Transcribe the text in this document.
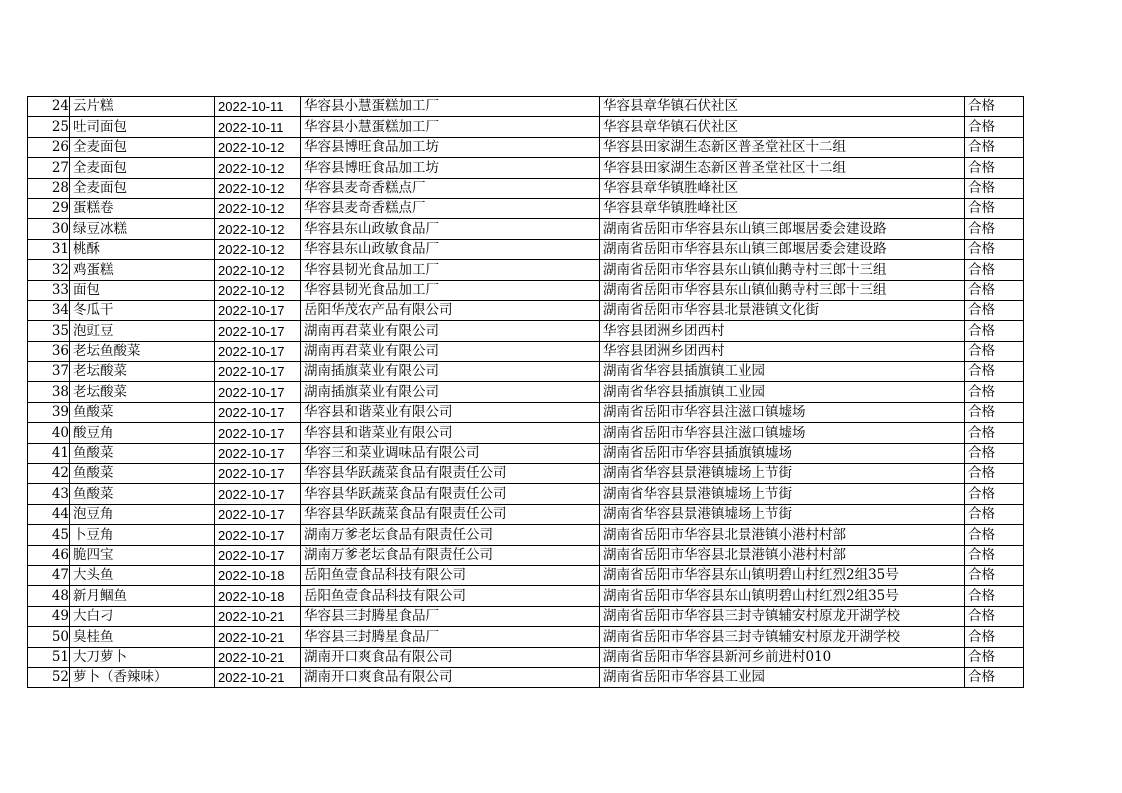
24	云片糕	2022-10-11	华容县小慧蛋糕加工厂	华容县章华镇石伏社区	合格
25	吐司面包	2022-10-11	华容县小慧蛋糕加工厂	华容县章华镇石伏社区	合格
26	全麦面包	2022-10-12	华容县博旺食品加工坊	华容县田家湖生态新区普圣堂社区十二组	合格
27	全麦面包	2022-10-12	华容县博旺食品加工坊	华容县田家湖生态新区普圣堂社区十二组	合格
28	全麦面包	2022-10-12	华容县麦奇香糕点厂	华容县章华镇胜峰社区	合格
29	蛋糕卷	2022-10-12	华容县麦奇香糕点厂	华容县章华镇胜峰社区	合格
30	绿豆冰糕	2022-10-12	华容县东山政敏食品厂	湖南省岳阳市华容县东山镇三郎堰居委会建设路	合格
31	桃酥	2022-10-12	华容县东山政敏食品厂	湖南省岳阳市华容县东山镇三郎堰居委会建设路	合格
32	鸡蛋糕	2022-10-12	华容县韧光食品加工厂	湖南省岳阳市华容县东山镇仙鹅寺村三郎十三组	合格
33	面包	2022-10-12	华容县韧光食品加工厂	湖南省岳阳市华容县东山镇仙鹅寺村三郎十三组	合格
34	冬瓜干	2022-10-17	岳阳华茂农产品有限公司	湖南省岳阳市华容县北景港镇文化街	合格
35	泡豇豆	2022-10-17	湖南再君菜业有限公司	华容县团洲乡团西村	合格
36	老坛鱼酸菜	2022-10-17	湖南再君菜业有限公司	华容县团洲乡团西村	合格
37	老坛酸菜	2022-10-17	湖南插旗菜业有限公司	湖南省华容县插旗镇工业园	合格
38	老坛酸菜	2022-10-17	湖南插旗菜业有限公司	湖南省华容县插旗镇工业园	合格
39	鱼酸菜	2022-10-17	华容县和谐菜业有限公司	湖南省岳阳市华容县注滋口镇墟场	合格
40	酸豆角	2022-10-17	华容县和谐菜业有限公司	湖南省岳阳市华容县注滋口镇墟场	合格
41	鱼酸菜	2022-10-17	华容三和菜业调味品有限公司	湖南省岳阳市华容县插旗镇墟场	合格
42	鱼酸菜	2022-10-17	华容县华跃蔬菜食品有限责任公司	湖南省华容县景港镇墟场上节街	合格
43	鱼酸菜	2022-10-17	华容县华跃蔬菜食品有限责任公司	湖南省华容县景港镇墟场上节街	合格
44	泡豆角	2022-10-17	华容县华跃蔬菜食品有限责任公司	湖南省华容县景港镇墟场上节街	合格
45	卜豆角	2022-10-17	湖南万爹老坛食品有限责任公司	湖南省岳阳市华容县北景港镇小港村村部	合格
46	脆四宝	2022-10-17	湖南万爹老坛食品有限责任公司	湖南省岳阳市华容县北景港镇小港村村部	合格
47	大头鱼	2022-10-18	岳阳鱼壹食品科技有限公司	湖南省岳阳市华容县东山镇明碧山村红烈2组35号	合格
48	新月鲴鱼	2022-10-18	岳阳鱼壹食品科技有限公司	湖南省岳阳市华容县东山镇明碧山村红烈2组35号	合格
49	大白刁	2022-10-21	华容县三封腾星食品厂	湖南省岳阳市华容县三封寺镇辅安村原龙开湖学校	合格
50	臭桂鱼	2022-10-21	华容县三封腾星食品厂	湖南省岳阳市华容县三封寺镇辅安村原龙开湖学校	合格
51	大刀萝卜	2022-10-21	湖南开口爽食品有限公司	湖南省岳阳市华容县新河乡前进村010	合格
52	萝卜（香辣味）	2022-10-21	湖南开口爽食品有限公司	湖南省岳阳市华容县工业园	合格
